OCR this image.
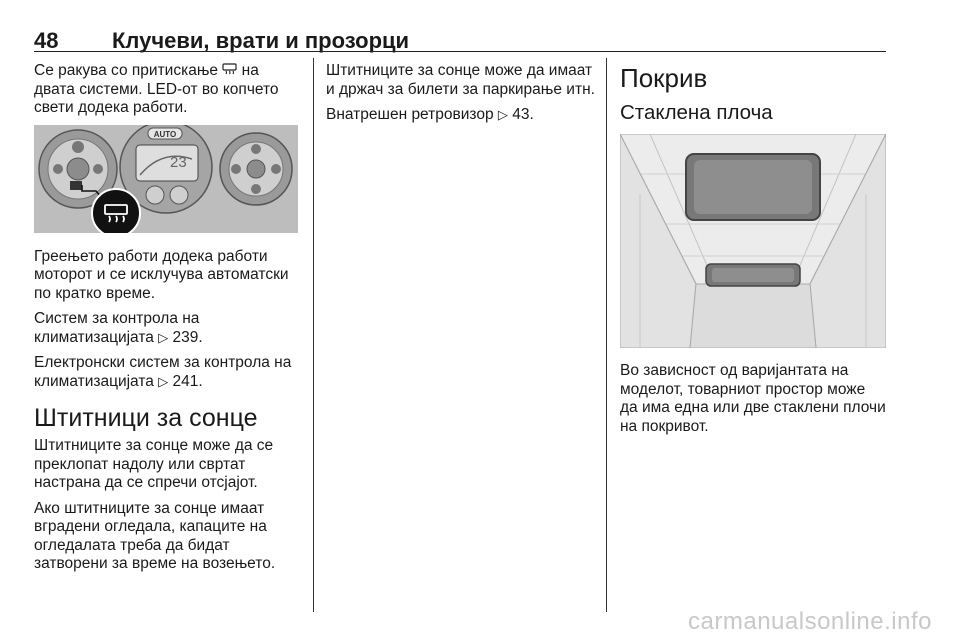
48 Клучеви, врати и прозорци

Се ракува со притискање  на двата системи. LED-от во копчето свети додека работи.

AUTO
23

Греењето работи додека работи моторот и се исклучува автоматски по кратко време.

Систем за контрола на климатизацијата ▷ 239.

Електронски систем за контрола на климатизацијата ▷ 241.

Штитници за сонце

Штитниците за сонце може да се преклопат надолу или свртат настрана да се спречи отсјајот.

Ако штитниците за сонце имаат вградени огледала, капаците на огледалата треба да бидат затворени за време на возењето.

Штитниците за сонце може да имаат и држач за билети за паркирање итн.

Внатрешен ретровизор ▷ 43.

Покрив
Стаклена плоча

Во зависност од варијантата на моделот, товарниот простор може да има една или две стаклени плочи на покривот.

carmanualsonline.info
